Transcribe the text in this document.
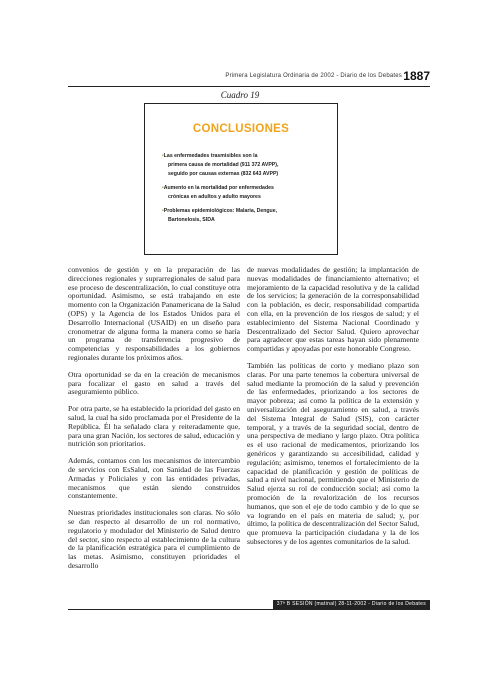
Primera Legislatura Ordinaria de 2002 - Diario de los Debates 1887
Cuadro 19
CONCLUSIONES
•Las enfermedades trasmisibles son la
primera causa de mortalidad (911 372 AVPP),
seguido por causas externas (832 643 AVPP)
•Aumento en la mortalidad por enfermedades
crónicas en adultos y adulto mayores
•Problemas epidemiológicos: Malaria, Dengue,
Bartonelosis, SIDA

convenios de gestión y en la preparación de las direcciones regionales y suprarregionales de salud para ese proceso de descentralización, lo cual constituye otra oportunidad. Asimismo, se está trabajando en este momento con la Organización Panamericana de la Salud (OPS) y la Agencia de los Estados Unidos para el Desarrollo Internacional (USAID) en un diseño para cronometrar de alguna forma la manera como se haría un programa de transferencia progresivo de competencias y responsabilidades a los gobiernos regionales durante los próximos años.

Otra oportunidad se da en la creación de mecanismos para focalizar el gasto en salud a través del aseguramiento público.

Por otra parte, se ha establecido la prioridad del gasto en salud, la cual ha sido proclamada por el Presidente de la República. Él ha señalado clara y reiteradamente que, para una gran Nación, los sectores de salud, educación y nutrición son prioritarios.

Además, contamos con los mecanismos de intercambio de servicios con EsSalud, con Sanidad de las Fuerzas Armadas y Policiales y con las entidades privadas, mecanismos que están siendo construidos constantemente.

Nuestras prioridades institucionales son claras. No sólo se dan respecto al desarrollo de un rol normativo, regulatorio y modulador del Ministerio de Salud dentro del sector, sino respecto al establecimiento de la cultura de la planificación estratégica para el cumplimiento de las metas. Asimismo, constituyen prioridades el desarrollo

de nuevas modalidades de gestión; la implantación de nuevas modalidades de financiamiento alternativo; el mejoramiento de la capacidad resolutiva y de la calidad de los servicios; la generación de la corresponsabilidad con la población, es decir, responsabilidad compartida con ella, en la prevención de los riesgos de salud; y el establecimiento del Sistema Nacional Coordinado y Descentralizado del Sector Salud. Quiero aprovechar para agradecer que estas tareas hayan sido plenamente compartidas y apoyadas por este honorable Congreso.

También las políticas de corto y mediano plazo son claras. Por una parte tenemos la cobertura universal de salud mediante la promoción de la salud y prevención de las enfermedades, priorizando a los sectores de mayor pobreza; así como la política de la extensión y universalización del aseguramiento en salud, a través del Sistema Integral de Salud (SIS), con carácter temporal, y a través de la seguridad social, dentro de una perspectiva de mediano y largo plazo. Otra política es el uso racional de medicamentos, priorizando los genéricos y garantizando su accesibilidad, calidad y regulación; asimismo, tenemos el fortalecimiento de la capacidad de planificación y gestión de políticas de salud a nivel nacional, permitiendo que el Ministerio de Salud ejerza su rol de conducción social; así como la promoción de la revalorización de los recursos humanos, que son el eje de todo cambio y de lo que se va logrando en el país en materia de salud; y, por último, la política de descentralización del Sector Salud, que promueva la participación ciudadana y la de los subsectores y de los agentes comunitarios de la salud.

37ª B SESIÓN (matinal) 28-11-2002 - Diario de los Debates
